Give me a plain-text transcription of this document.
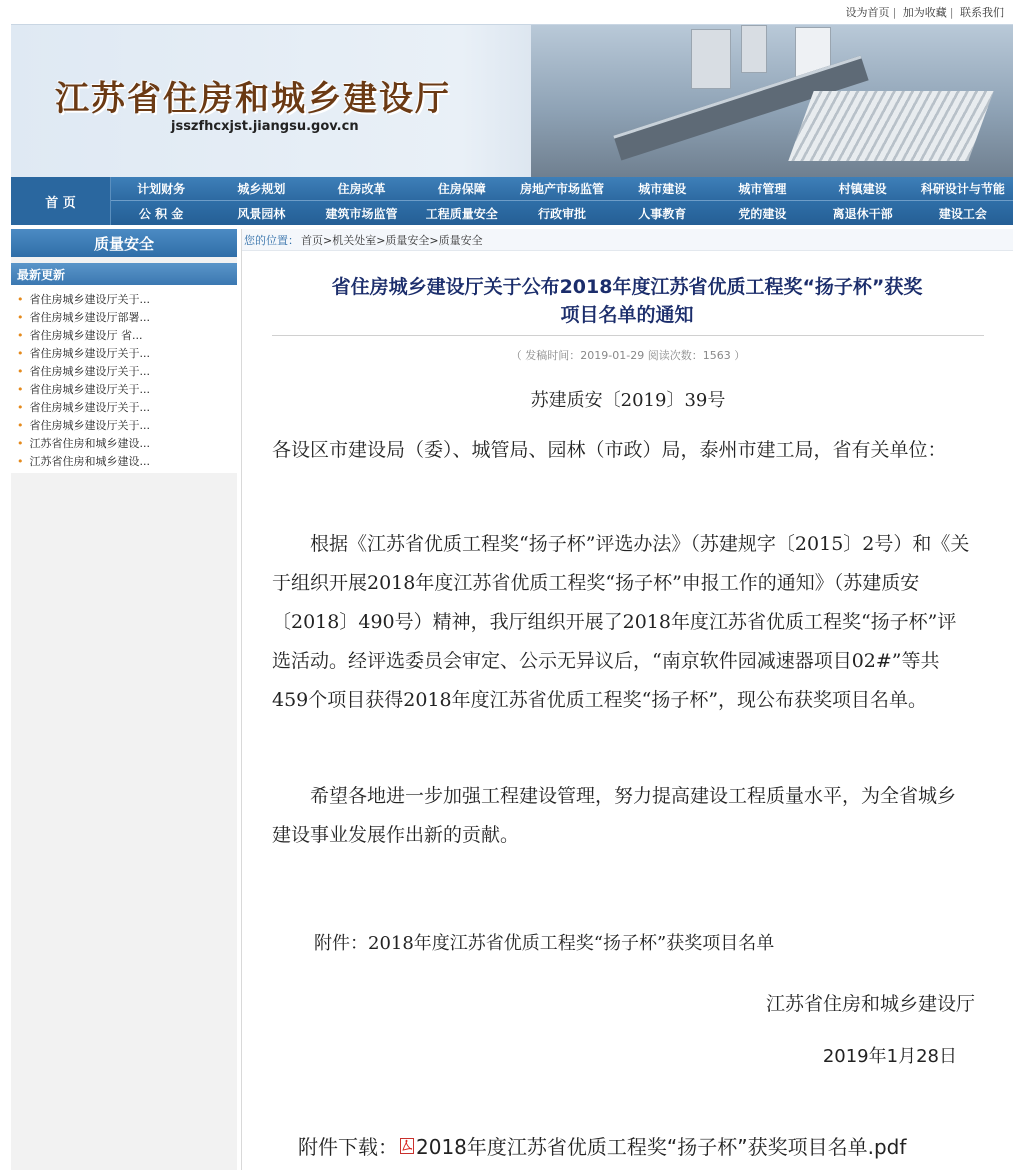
设为首页 | 加为收藏 | 联系我们
江苏省住房和城乡建设厅
jsszfhcxjst.jiangsu.gov.cn
首 页
计划财务	城乡规划	住房改革	住房保障	房地产市场监管	城市建设	城市管理	村镇建设	科研设计与节能
公 积 金	风景园林	建筑市场监管	工程质量安全	行政审批	人事教育	党的建设	离退休干部	建设工会
质量安全
最新更新
• 省住房城乡建设厅关于...
• 省住房城乡建设厅部署...
• 省住房城乡建设厅 省...
• 省住房城乡建设厅关于...
• 省住房城乡建设厅关于...
• 省住房城乡建设厅关于...
• 省住房城乡建设厅关于...
• 省住房城乡建设厅关于...
• 江苏省住房和城乡建设...
• 江苏省住房和城乡建设...
您的位置： 首页>机关处室>质量安全>质量安全
省住房城乡建设厅关于公布2018年度江苏省优质工程奖“扬子杯”获奖
项目名单的通知
（ 发稿时间：2019-01-29 阅读次数：1563 ）
苏建质安〔2019〕39号
各设区市建设局（委）、城管局、园林（市政）局，泰州市建工局，省有关单位：
根据《江苏省优质工程奖“扬子杯”评选办法》（苏建规字〔2015〕2号）和《关于组织开展2018年度江苏省优质工程奖“扬子杯”申报工作的通知》（苏建质安〔2018〕490号）精神，我厅组织开展了2018年度江苏省优质工程奖“扬子杯”评选活动。经评选委员会审定、公示无异议后，“南京软件园减速器项目02#”等共459个项目获得2018年度江苏省优质工程奖“扬子杯”，现公布获奖项目名单。
希望各地进一步加强工程建设管理，努力提高建设工程质量水平，为全省城乡建设事业发展作出新的贡献。
附件：2018年度江苏省优质工程奖“扬子杯”获奖项目名单
江苏省住房和城乡建设厅
2019年1月28日
附件下载： 2018年度江苏省优质工程奖“扬子杯”获奖项目名单.pdf
